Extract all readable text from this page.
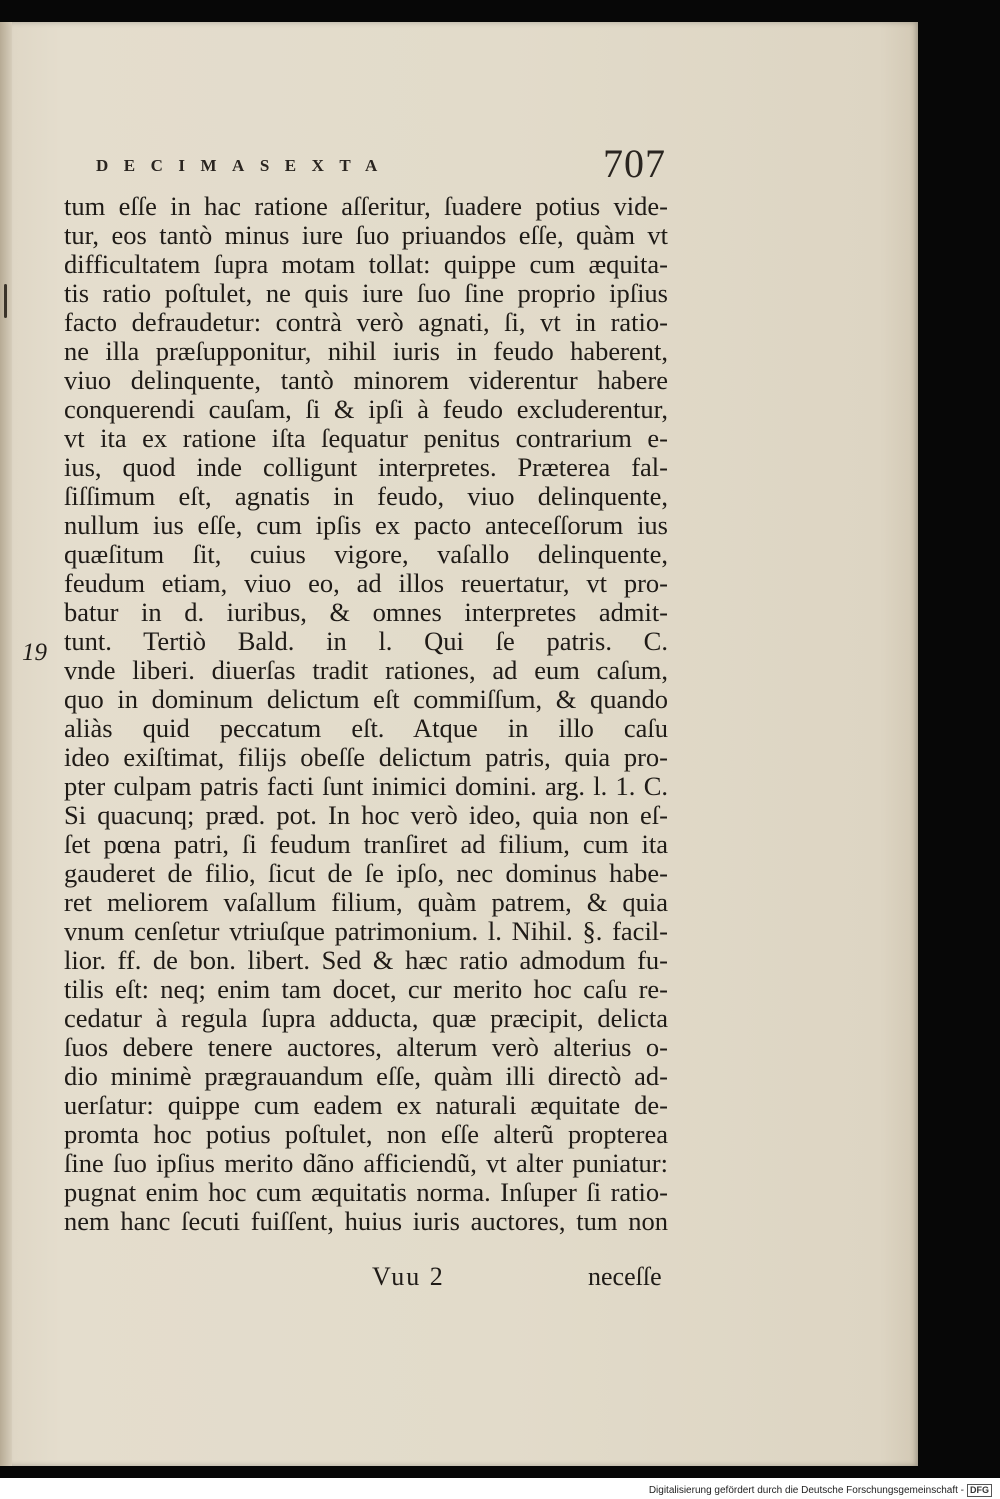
DECIMASEXTA	707
19
tum eſſe in hac ratione aſſeritur, ſuadere potius vide-
tur, eos tantò minus iure ſuo priuandos eſſe, quàm vt
difficultatem ſupra motam tollat: quippe cum æquita-
tis ratio poſtulet, ne quis iure ſuo ſine proprio ipſius
facto defraudetur: contrà verò agnati, ſi, vt in ratio-
ne illa præſupponitur, nihil iuris in feudo haberent,
viuo delinquente, tantò minorem viderentur habere
conquerendi cauſam, ſi & ipſi à feudo excluderentur,
vt ita ex ratione iſta ſequatur penitus contrarium e-
ius, quod inde colligunt interpretes. Præterea fal-
ſiſſimum eſt, agnatis in feudo, viuo delinquente,
nullum ius eſſe, cum ipſis ex pacto anteceſſorum ius
quæſitum ſit, cuius vigore, vaſallo delinquente,
feudum etiam, viuo eo, ad illos reuertatur, vt pro-
batur in d. iuribus, & omnes interpretes admit-
tunt. Tertiò Bald. in l. Qui ſe patris. C.
vnde liberi. diuerſas tradit rationes, ad eum caſum,
quo in dominum delictum eſt commiſſum, & quando
aliàs quid peccatum eſt. Atque in illo caſu
ideo exiſtimat, filijs obeſſe delictum patris, quia pro-
pter culpam patris facti ſunt inimici domini. arg. l. 1. C.
Si quacunq; præd. pot. In hoc verò ideo, quia non eſ-
ſet pœna patri, ſi feudum tranſiret ad filium, cum ita
gauderet de filio, ſicut de ſe ipſo, nec dominus habe-
ret meliorem vaſallum filium, quàm patrem, & quia
vnum cenſetur vtriuſque patrimonium. l. Nihil. §. facil-
lior. ff. de bon. libert. Sed & hæc ratio admodum fu-
tilis eſt: neq; enim tam docet, cur merito hoc caſu re-
cedatur à regula ſupra adducta, quæ præcipit, delicta
ſuos debere tenere auctores, alterum verò alterius o-
dio minimè prægrauandum eſſe, quàm illi directò ad-
uerſatur: quippe cum eadem ex naturali æquitate de-
promta hoc potius poſtulet, non eſſe alterũ propterea
ſine ſuo ipſius merito dãno afficiendũ, vt alter puniatur:
pugnat enim hoc cum æquitatis norma. Inſuper ſi ratio-
nem hanc ſecuti fuiſſent, huius iuris auctores, tum non
Vuu 2	neceſſe
Digitalisierung gefördert durch die Deutsche Forschungsgemeinschaft - DFG
